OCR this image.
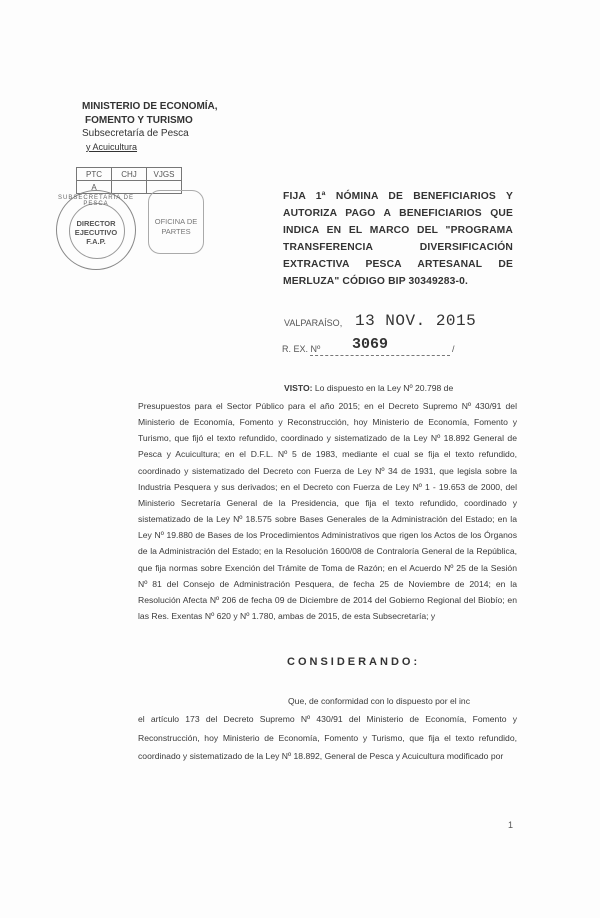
MINISTERIO DE ECONOMÍA,
FOMENTO Y TURISMO
Subsecretaría de Pesca
y Acuicultura
PTC	CHJ	VJGS
A		
SUBSECRETARÍA DE PESCA
DIRECTOR
EJECUTIVO
F.A.P.
OFICINA DE
PARTES
FIJA 1ª NÓMINA DE BENEFICIARIOS Y AUTORIZA PAGO A BENEFICIARIOS QUE INDICA EN EL MARCO DEL "PROGRAMA TRANSFERENCIA DIVERSIFICACIÓN EXTRACTIVA PESCA ARTESANAL DE MERLUZA" CÓDIGO BIP 30349283-0.
VALPARAÍSO, 13 NOV. 2015
R. EX. Nº 3069	/
VISTO: Lo dispuesto en la Ley Nº 20.798 de
Presupuestos para el Sector Público para el año 2015; en el Decreto Supremo Nº 430/91 del Ministerio de Economía, Fomento y Reconstrucción, hoy Ministerio de Economía, Fomento y Turismo, que fijó el texto refundido, coordinado y sistematizado de la Ley Nº 18.892 General de Pesca y Acuicultura; en el D.F.L. Nº 5 de 1983, mediante el cual se fija el texto refundido, coordinado y sistematizado del Decreto con Fuerza de Ley Nº 34 de 1931, que legisla sobre la Industria Pesquera y sus derivados; en el Decreto con Fuerza de Ley Nº 1 - 19.653 de 2000, del Ministerio Secretaría General de la Presidencia, que fija el texto refundido, coordinado y sistematizado de la Ley Nº 18.575 sobre Bases Generales de la Administración del Estado; en la Ley Nº 19.880 de Bases de los Procedimientos Administrativos que rigen los Actos de los Órganos de la Administración del Estado; en la Resolución 1600/08 de Contraloría General de la República, que fija normas sobre Exención del Trámite de Toma de Razón; en el Acuerdo Nº 25 de la Sesión Nº 81 del Consejo de Administración Pesquera, de fecha 25 de Noviembre de 2014; en la Resolución Afecta Nº 206 de fecha 09 de Diciembre de 2014 del Gobierno Regional del Biobío; en las Res. Exentas Nº 620 y Nº 1.780, ambas de 2015, de esta Subsecretaría; y
CONSIDERANDO:
Que, de conformidad con lo dispuesto por el inc
el artículo 173 del Decreto Supremo Nº 430/91 del Ministerio de Economía, Fomento y Reconstrucción, hoy Ministerio de Economía, Fomento y Turismo, que fija el texto refundido, coordinado y sistematizado de la Ley Nº 18.892, General de Pesca y Acuicultura modificado por
1
